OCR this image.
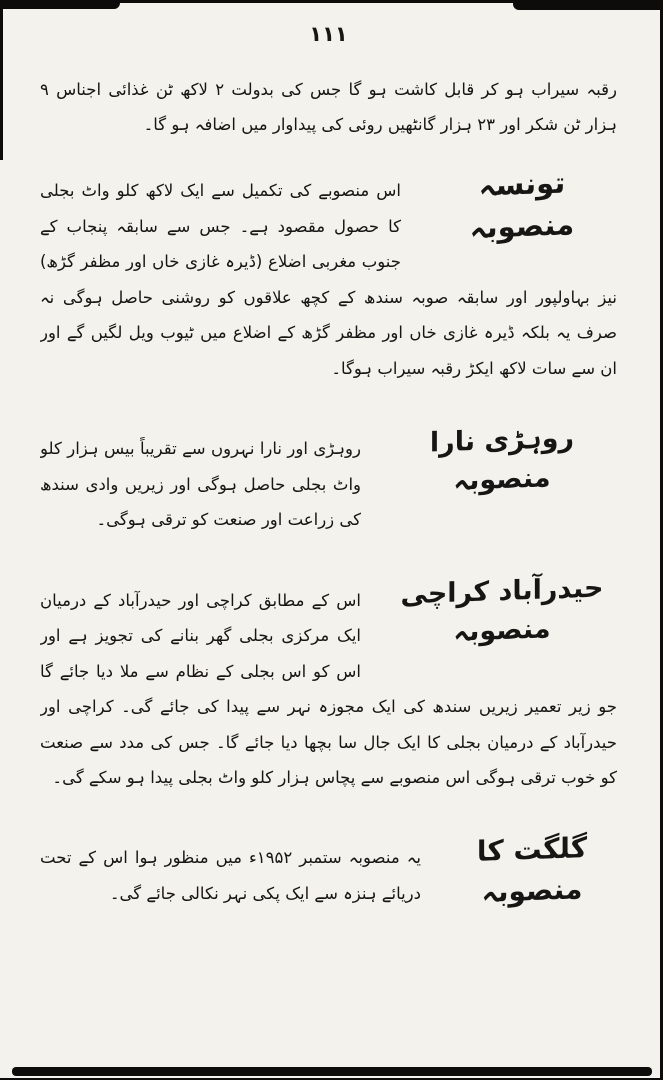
۱۱۱

رقبہ سیراب ہو کر قابل کاشت ہو گا جس کی بدولت ۲ لاکھ ٹن غذائی اجناس ۹ ہزار ٹن شکر اور ۲۳ ہزار گانٹھیں روئی کی پیداوار میں اضافہ ہو گا۔

تونسہ منصوبہ

اس منصوبے کی تکمیل سے ایک لاکھ کلو واٹ بجلی کا حصول مقصود ہے۔ جس سے سابقہ پنجاب کے جنوب مغربی اضلاع (ڈیرہ غازی خاں اور مظفر گڑھ) نیز بہاولپور اور سابقہ صوبہ سندھ کے کچھ علاقوں کو روشنی حاصل ہوگی نہ صرف یہ بلکہ ڈیرہ غازی خاں اور مظفر گڑھ کے اضلاع میں ٹیوب ویل لگیں گے اور ان سے سات لاکھ ایکڑ رقبہ سیراب ہوگا۔

روہڑی نارا منصوبہ

روہڑی اور نارا نہروں سے تقریباً بیس ہزار کلو واٹ بجلی حاصل ہوگی اور زیریں وادی سندھ کی زراعت اور صنعت کو ترقی ہوگی۔

حیدرآباد کراچی منصوبہ

اس کے مطابق کراچی اور حیدرآباد کے درمیان ایک مرکزی بجلی گھر بنانے کی تجویز ہے اور اس کو اس بجلی کے نظام سے ملا دیا جائے گا جو زیر تعمیر زیریں سندھ کی ایک مجوزہ نہر سے پیدا کی جائے گی۔ کراچی اور حیدرآباد کے درمیان بجلی کا ایک جال سا بچھا دیا جائے گا۔ جس کی مدد سے صنعت کو خوب ترقی ہوگی اس منصوبے سے پچاس ہزار کلو واٹ بجلی پیدا ہو سکے گی۔

گلگت کا منصوبہ

یہ منصوبہ ستمبر ۱۹۵۲ء میں منظور ہوا اس کے تحت دریائے ہنزہ سے ایک پکی نہر نکالی جائے گی۔
